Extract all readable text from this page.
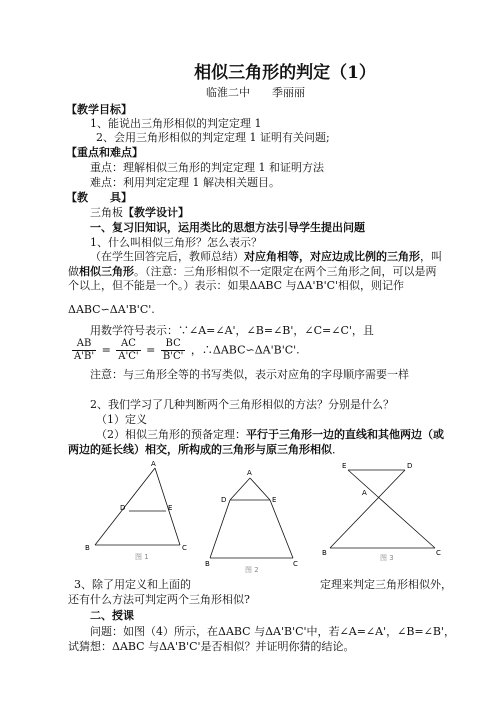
相似三角形的判定（1）
临淮二中　　季丽丽
【教学目标】
1、能说出三角形相似的判定定理 1
2、会用三角形相似的判定定理 1 证明有关问题;
【重点和难点】
重点：理解相似三角形的判定定理 1 和证明方法
难点：利用判定定理 1 解决相关题目。
【教　　具】
三角板【教学设计】
一、复习旧知识，运用类比的思想方法引导学生提出问题
1、什么叫相似三角形？怎么表示？
（在学生回答完后，教师总结）对应角相等，对应边成比例的三角形，叫
做相似三角形。（注意：三角形相似不一定限定在两个三角形之间，可以是两
个以上，但不能是一个。）表示：如果ΔABC 与ΔA'B'C'相似，则记作
ΔABC∽ΔA'B'C'.
用数学符号表示：∵∠A=∠A'，∠B=∠B'，∠C=∠C'，且
$\frac{AB}{A'B'} = \frac{AC}{A'C'} = \frac{BC}{B'C'}$ ，∴ΔABC∽ΔA'B'C'.
注意：与三角形全等的书写类似，表示对应角的字母顺序需要一样
2、我们学习了几种判断两个三角形相似的方法？分别是什么？
（1）定义
（2）相似三角形的预备定理：平行于三角形一边的直线和其他两边（或
两边的延长线）相交，所构成的三角形与原三角形相似．
A
B	C
D	E
图 1
A
D	E
B	C
图 2
E	D
A
B	C
图 3
3、除了用定义和上面的	定理来判定三角形相似外，
还有什么方法可判定两个三角形相似?
二、授课
问题：如图（4）所示，在ΔABC 与ΔA'B'C'中，若∠A=∠A'，∠B=∠B'，
试猜想：ΔABC 与ΔA'B'C'是否相似？并证明你猜的结论。
